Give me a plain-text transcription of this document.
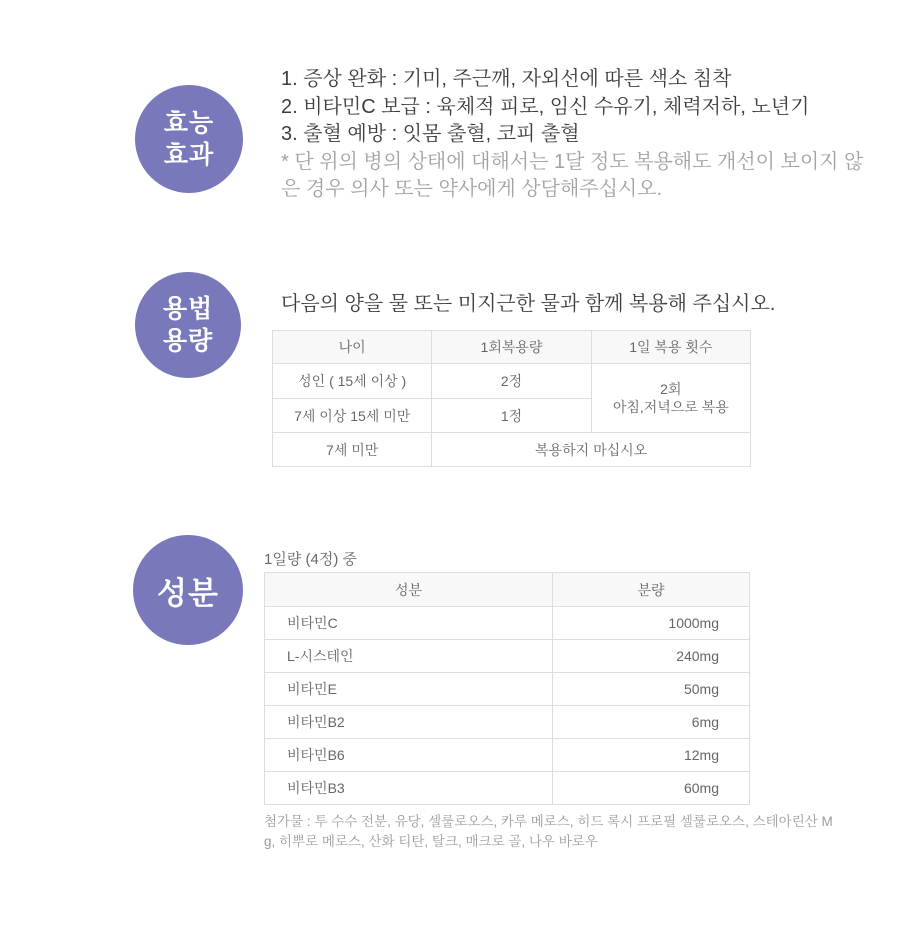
효능
효과
1. 증상 완화 : 기미, 주근깨, 자외선에 따른 색소 침착
2. 비타민C 보급 : 육체적 피로, 임신 수유기, 체력저하, 노년기
3. 출혈 예방 : 잇몸 출혈, 코피 출혈
* 단 위의 병의 상태에 대해서는 1달 정도 복용해도 개선이 보이지 않은 경우 의사 또는 약사에게 상담해주십시오.
용법
용량
다음의 양을 물 또는 미지근한 물과 함께 복용해 주십시오.
나이	1회복용량	1일 복용 횟수
성인 ( 15세 이상 )	2정	2회
아침,저녁으로 복용

7세 이상 15세 미만	1정	
7세 미만	복용하지 마십시오	
성분
1일량 (4정) 중
성분	분량
비타민C	1000mg
L-시스테인	240mg
비타민E	50mg
비타민B2	6mg
비타민B6	12mg
비타민B3	60mg
첨가물 : 투 수수 전분, 유당, 셀룰로오스, 카루 메로스, 히드 록시 프로필 셀룰로오스, 스테아린산 Mg, 히뿌로 메로스, 산화 티탄, 탈크, 매크로 골, 나우 바로우
